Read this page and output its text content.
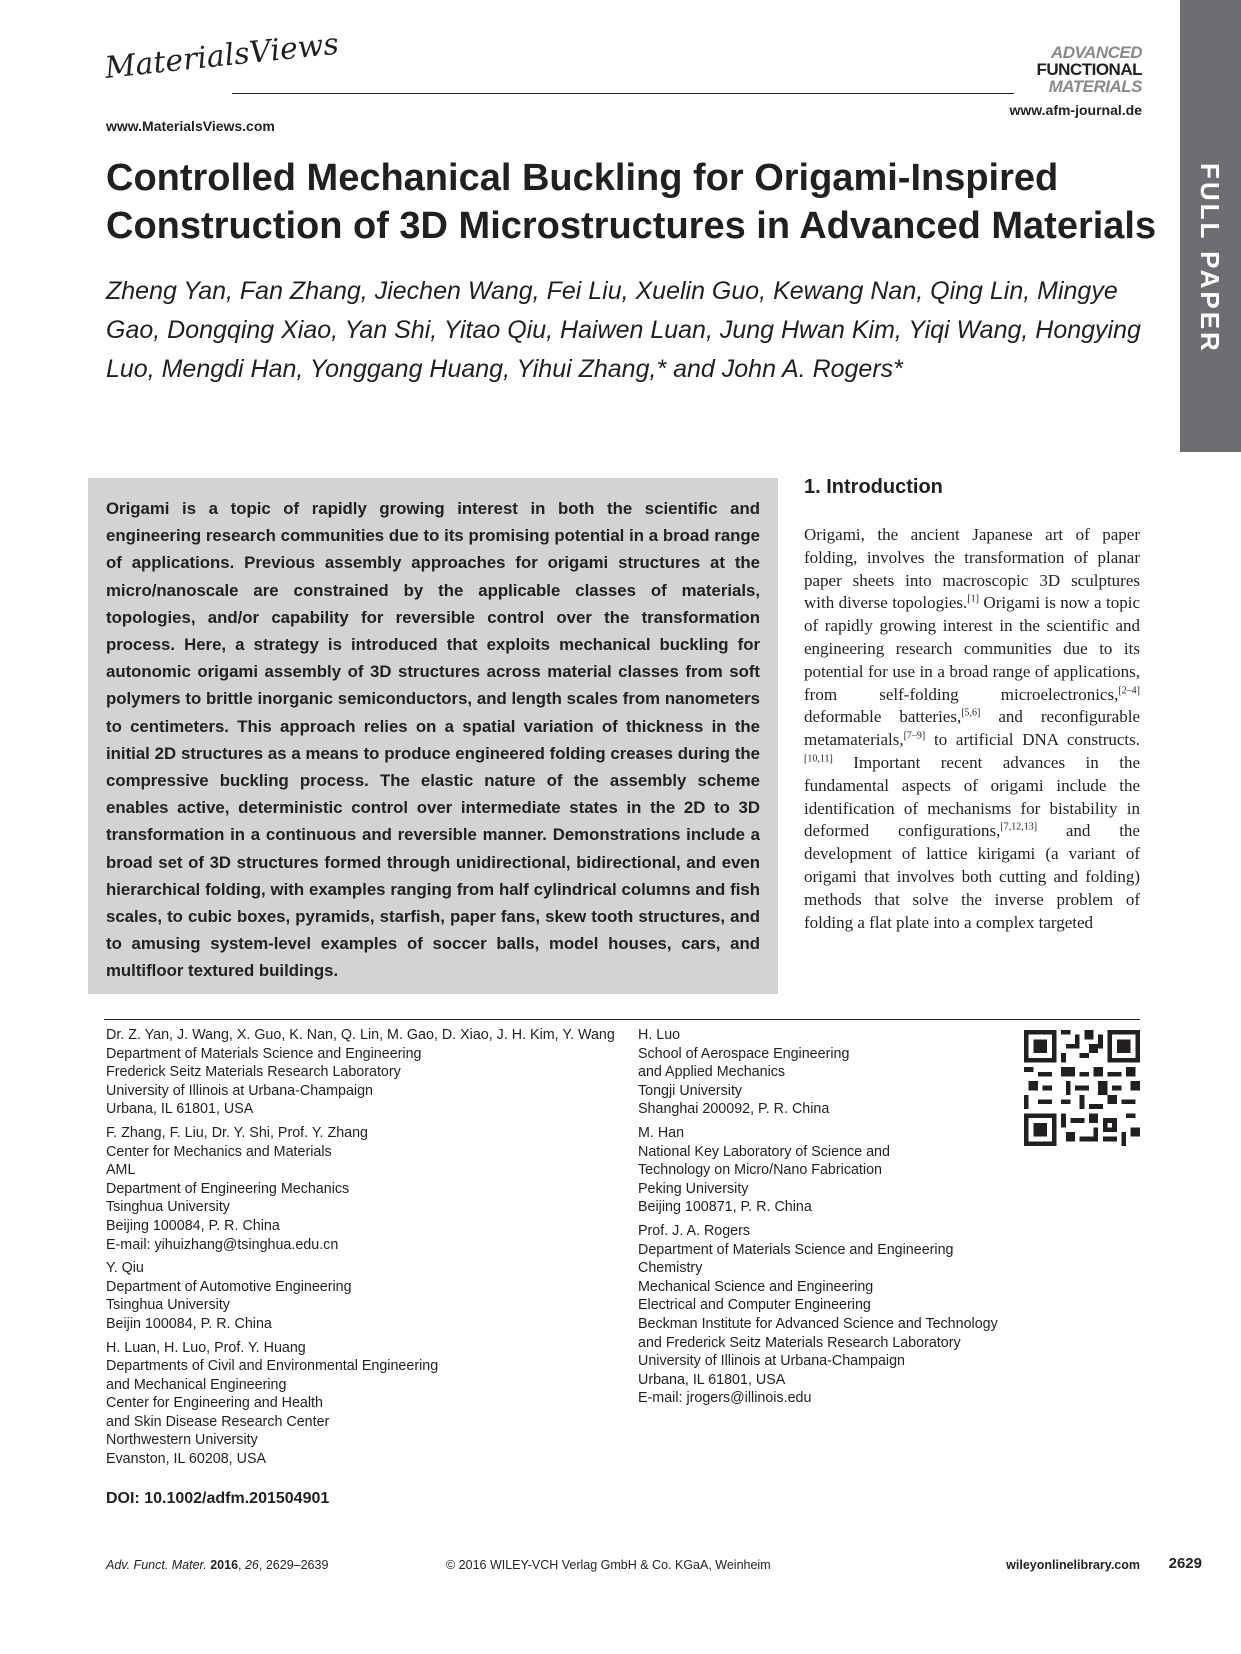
MaterialsViews
www.MaterialsViews.com
ADVANCED
FUNCTIONAL
MATERIALS
www.afm-journal.de
FULL PAPER
Controlled Mechanical Buckling for Origami-Inspired Construction of 3D Microstructures in Advanced Materials
Zheng Yan, Fan Zhang, Jiechen Wang, Fei Liu, Xuelin Guo, Kewang Nan, Qing Lin, Mingye Gao, Dongqing Xiao, Yan Shi, Yitao Qiu, Haiwen Luan, Jung Hwan Kim, Yiqi Wang, Hongying Luo, Mengdi Han, Yonggang Huang, Yihui Zhang,* and John A. Rogers*
Origami is a topic of rapidly growing interest in both the scientific and engineering research communities due to its promising potential in a broad range of applications. Previous assembly approaches for origami structures at the micro/nanoscale are constrained by the applicable classes of materials, topologies, and/or capability for reversible control over the transformation process. Here, a strategy is introduced that exploits mechanical buckling for autonomic origami assembly of 3D structures across material classes from soft polymers to brittle inorganic semiconductors, and length scales from nanometers to centimeters. This approach relies on a spatial variation of thickness in the initial 2D structures as a means to produce engineered folding creases during the compressive buckling process. The elastic nature of the assembly scheme enables active, deterministic control over intermediate states in the 2D to 3D transformation in a continuous and reversible manner. Demonstrations include a broad set of 3D structures formed through unidirectional, bidirectional, and even hierarchical folding, with examples ranging from half cylindrical columns and fish scales, to cubic boxes, pyramids, starfish, paper fans, skew tooth structures, and to amusing system-level examples of soccer balls, model houses, cars, and multifloor textured buildings.
1. Introduction
Origami, the ancient Japanese art of paper folding, involves the transformation of planar paper sheets into macroscopic 3D sculptures with diverse topologies.[1] Origami is now a topic of rapidly growing interest in the scientific and engineering research communities due to its potential for use in a broad range of applications, from self-folding microelectronics,[2–4] deformable batteries,[5,6] and reconfigurable metamaterials,[7–9] to artificial DNA constructs.[10,11] Important recent advances in the fundamental aspects of origami include the identification of mechanisms for bistability in deformed configurations,[7,12,13] and the development of lattice kirigami (a variant of origami that involves both cutting and folding) methods that solve the inverse problem of folding a flat plate into a complex targeted
Dr. Z. Yan, J. Wang, X. Guo, K. Nan, Q. Lin, M. Gao, D. Xiao, J. H. Kim, Y. Wang
Department of Materials Science and Engineering
Frederick Seitz Materials Research Laboratory
University of Illinois at Urbana-Champaign
Urbana, IL 61801, USA
F. Zhang, F. Liu, Dr. Y. Shi, Prof. Y. Zhang
Center for Mechanics and Materials
AML
Department of Engineering Mechanics
Tsinghua University
Beijing 100084, P. R. China
E-mail: yihuizhang@tsinghua.edu.cn
Y. Qiu
Department of Automotive Engineering
Tsinghua University
Beijin 100084, P. R. China
H. Luan, H. Luo, Prof. Y. Huang
Departments of Civil and Environmental Engineering
and Mechanical Engineering
Center for Engineering and Health
and Skin Disease Research Center
Northwestern University
Evanston, IL 60208, USA
H. Luo
School of Aerospace Engineering
and Applied Mechanics
Tongji University
Shanghai 200092, P. R. China
M. Han
National Key Laboratory of Science and
Technology on Micro/Nano Fabrication
Peking University
Beijing 100871, P. R. China
Prof. J. A. Rogers
Department of Materials Science and Engineering
Chemistry
Mechanical Science and Engineering
Electrical and Computer Engineering
Beckman Institute for Advanced Science and Technology
and Frederick Seitz Materials Research Laboratory
University of Illinois at Urbana-Champaign
Urbana, IL 61801, USA
E-mail: jrogers@illinois.edu
DOI: 10.1002/adfm.201504901
Adv. Funct. Mater. 2016, 26, 2629–2639	© 2016 WILEY-VCH Verlag GmbH & Co. KGaA, Weinheim	wileyonlinelibrary.com	2629
